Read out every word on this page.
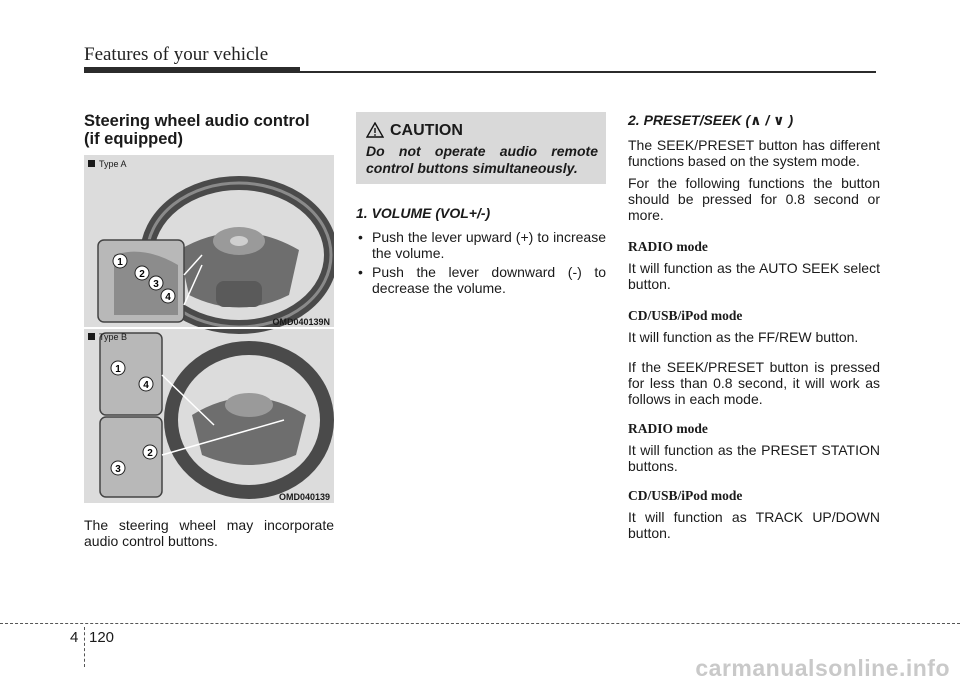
Features of your vehicle

Steering wheel audio control
(if equipped)

1
2
3
4
1
4
2
3
Type A
OMD040139N
Type B
OMD040139

The steering wheel may incorporate audio control buttons.

CAUTION
Do not operate audio remote control buttons simultaneously.

1. VOLUME (VOL+/-)

• Push the lever upward (+) to increase the volume.
• Push the lever downward (-) to decrease the volume.

2. PRESET/SEEK (∧ / ∨ )

The SEEK/PRESET button has different functions based on the system mode.

For the following functions the button should be pressed for 0.8 second or more.

RADIO mode

It will function as the AUTO SEEK select button.

CD/USB/iPod mode

It will function as the FF/REW button.

If the SEEK/PRESET button is pressed for less than 0.8 second, it will work as follows in each mode.

RADIO mode

It will function as the PRESET STATION buttons.

CD/USB/iPod mode

It will function as TRACK UP/DOWN button.

4 120
carmanualsonline.info
